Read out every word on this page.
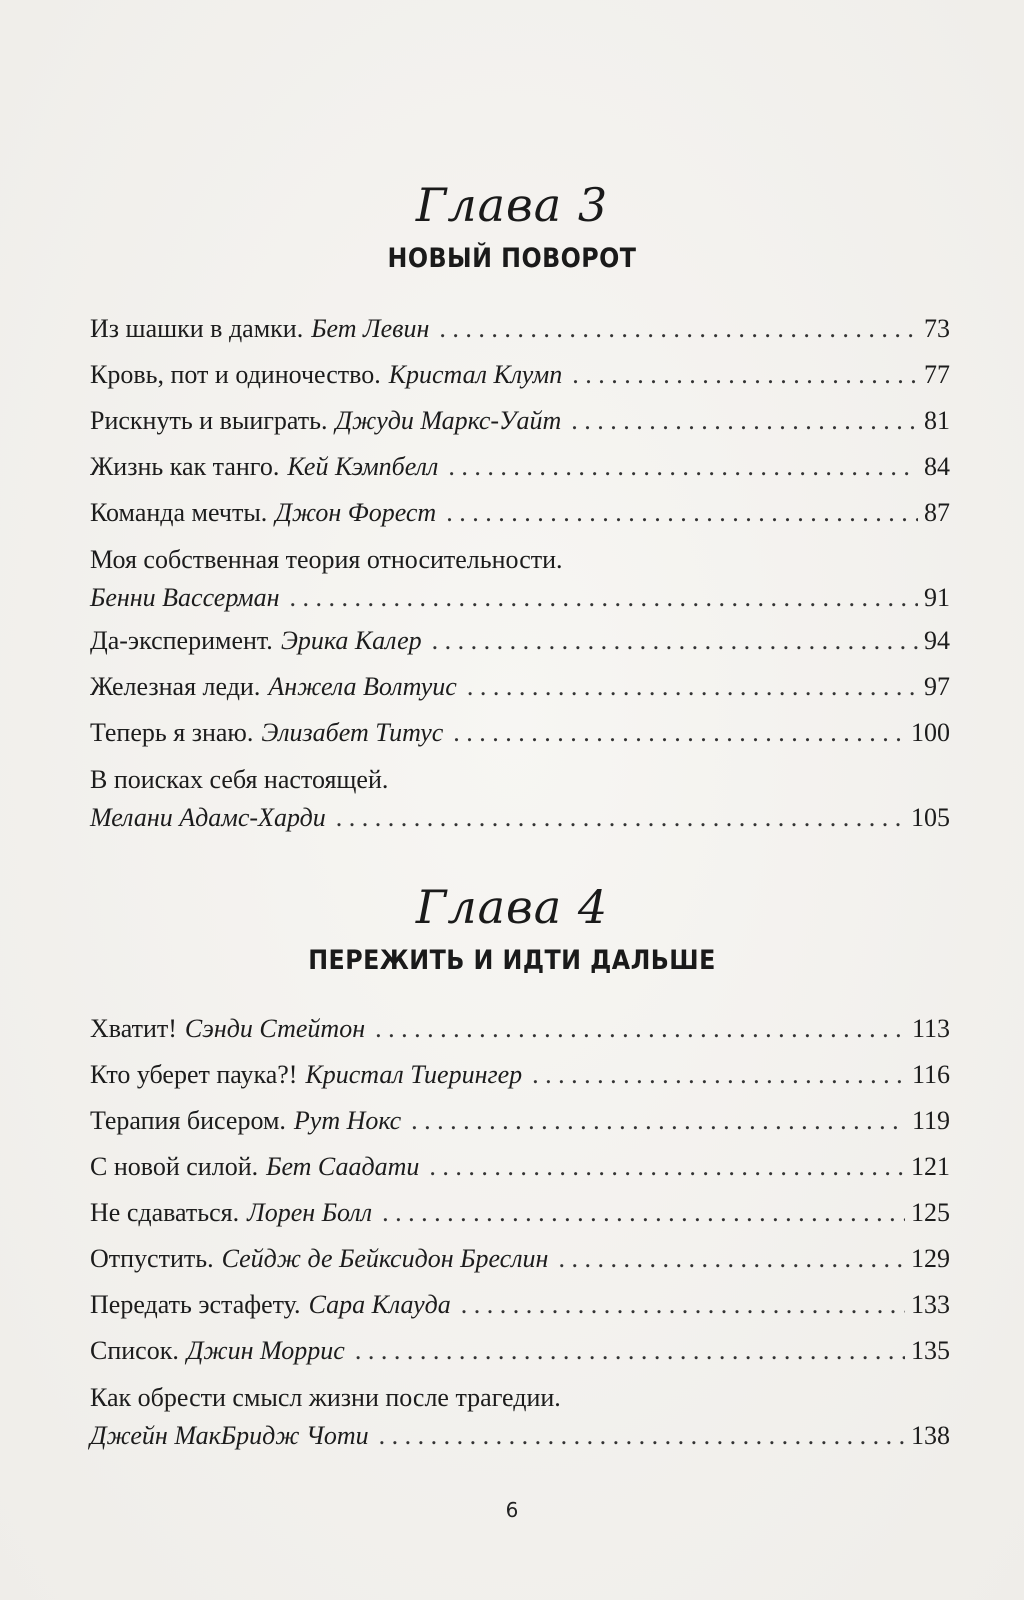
Глава 3
НОВЫЙ ПОВОРОТ
Из шашки в дамки. Бет Левин . . .	73
Кровь, пот и одиночество. Кристал Клумп . . .	77
Рискнуть и выиграть. Джуди Маркс-Уайт . . .	81
Жизнь как танго. Кей Кэмпбелл . . .	84
Команда мечты. Джон Форест . . .	87
Моя собственная теория относительности.
Бенни Вассерман . . .	91
Да-эксперимент. Эрика Калер . . .	94
Железная леди. Анжела Волтуис . . .	97
Теперь я знаю. Элизабет Титус . . .	100
В поисках себя настоящей.
Мелани Адамс-Харди . . .	105
Глава 4
ПЕРЕЖИТЬ И ИДТИ ДАЛЬШЕ
Хватит! Сэнди Стейтон . . .	113
Кто уберет паука?! Кристал Тиерингер . . .	116
Терапия бисером. Рут Нокс . . .	119
С новой силой. Бет Саадати . . .	121
Не сдаваться. Лорен Болл . . .	125
Отпустить. Сейдж де Бейксидон Бреслин . . .	129
Передать эстафету. Сара Клауда . . .	133
Список. Джин Моррис . . .	135
Как обрести смысл жизни после трагедии.
Джейн МакБридж Чоти . . .	138
6
